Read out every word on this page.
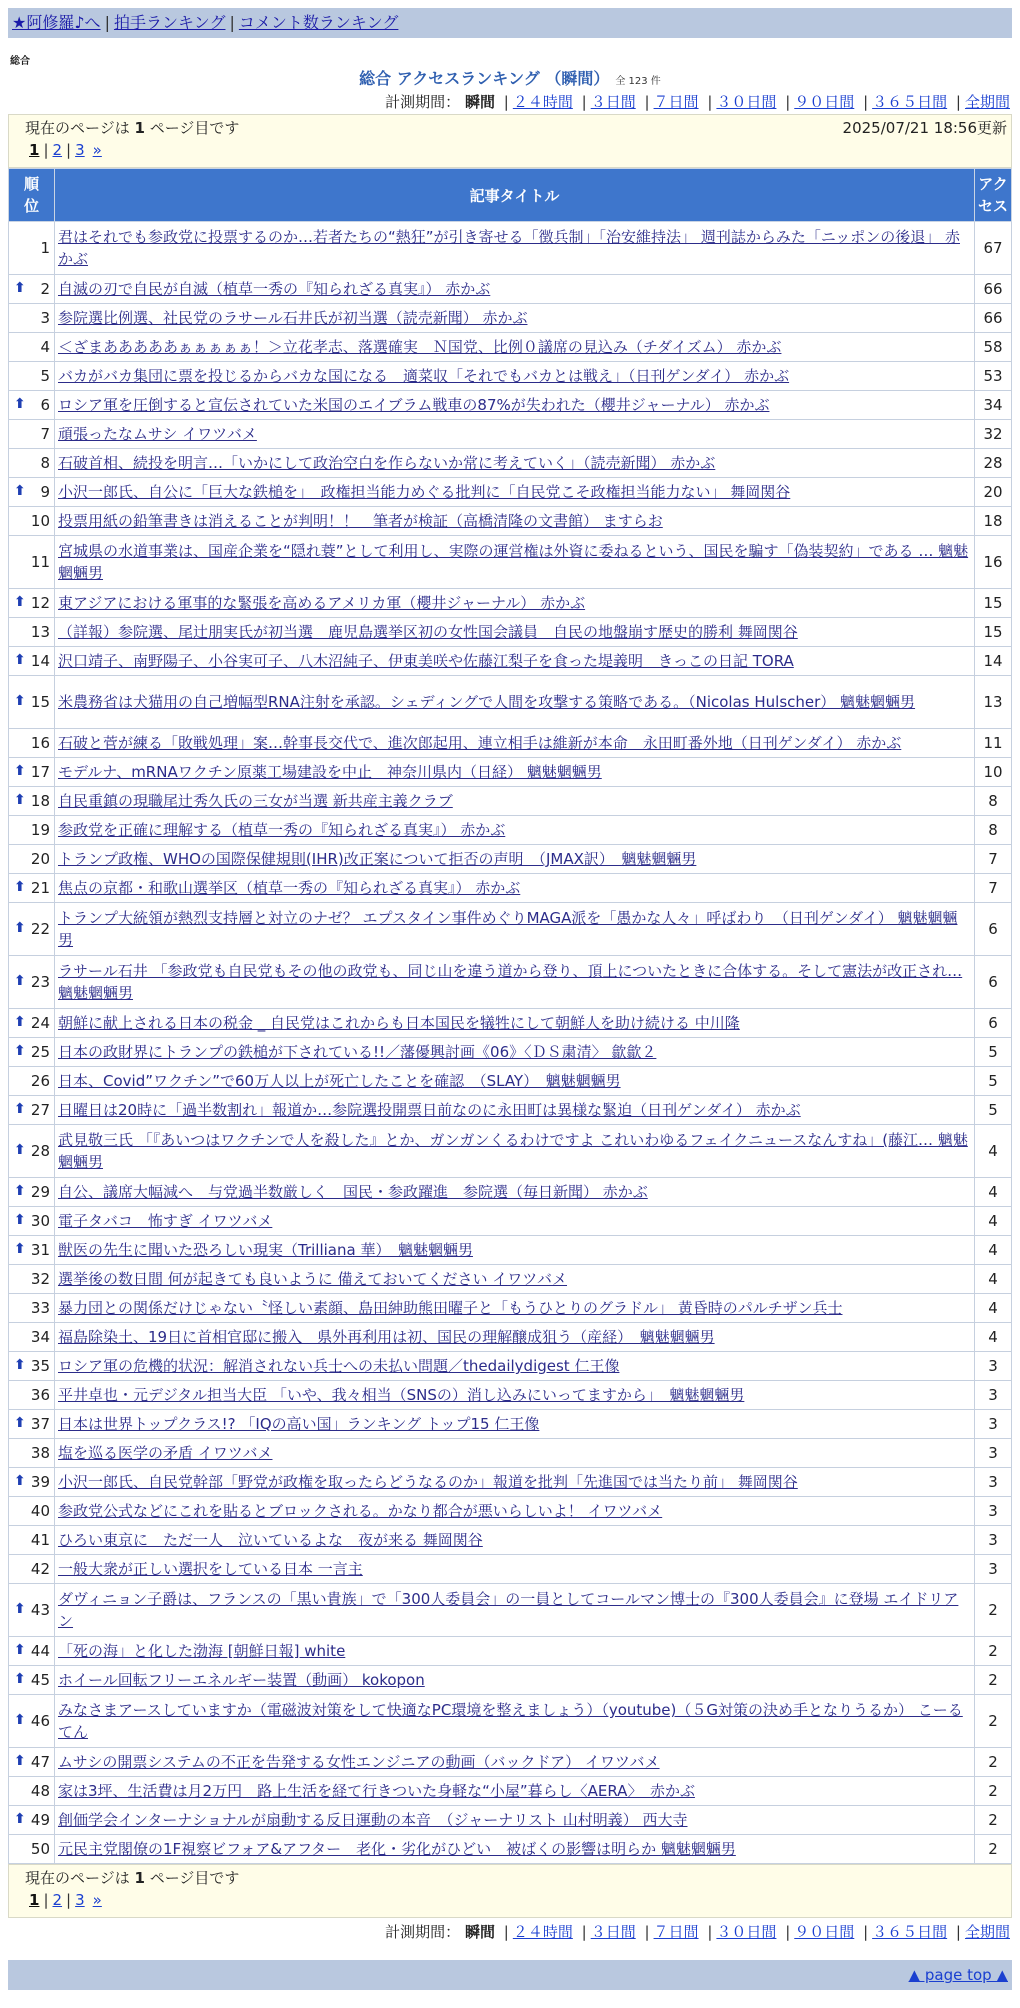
★阿修羅♪へ | 拍手ランキング | コメント数ランキング
総合
総合 アクセスランキング （瞬間） 全 123 件
計測期間： 瞬間 | ２４時間 | ３日間 | ７日間 | ３０日間 | ９０日間 | ３６５日間 | 全期間
現在のページは 1 ページ目です	2025/07/21 18:56更新
1 | 2 | 3 »
順位	記事タイトル	アクセス
1	君はそれでも参政党に投票するのか…若者たちの“熱狂”が引き寄せる「徴兵制」「治安維持法」 週刊誌からみた「ニッポンの後退」 赤かぶ	67

⬆ 2	自滅の刃で自民が自滅（植草一秀の『知られざる真実』） 赤かぶ	66
3	参院選比例選、社民党のラサール石井氏が初当選（読売新聞） 赤かぶ	66
4	＜ざまあああああぁぁぁぁぁ！＞立花孝志、落選確実　Ｎ国党、比例０議席の見込み（チダイズム） 赤かぶ	58
5	バカがバカ集団に票を投じるからバカな国になる　適菜収「それでもバカとは戦え」（日刊ゲンダイ） 赤かぶ	53

⬆ 6	ロシア軍を圧倒すると宣伝されていた米国のエイブラム戦車の87%が失われた（櫻井ジャーナル） 赤かぶ	34
7	頑張ったなムサシ イワツバメ	32
8	石破首相、続投を明言…「いかにして政治空白を作らないか常に考えていく」（読売新聞） 赤かぶ	28

⬆ 9	小沢一郎氏、自公に「巨大な鉄槌を」　政権担当能力めぐる批判に「自民党こそ政権担当能力ない」 舞岡関谷	20
10	投票用紙の鉛筆書きは消えることが判明！！　筆者が検証（高橋清隆の文書館） ますらお	18
11	宮城県の水道事業は、国産企業を“隠れ蓑”として利用し、実際の運営権は外資に委ねるという、国民を騙す「偽装契約」である … 魑魅魍魎男	16

⬆ 12	東アジアにおける軍事的な緊張を高めるアメリカ軍（櫻井ジャーナル） 赤かぶ	15
13	（詳報）参院選、尾辻朋実氏が初当選　鹿児島選挙区初の女性国会議員　自民の地盤崩す歴史的勝利 舞岡関谷	15

⬆ 14	沢口靖子、南野陽子、小谷実可子、八木沼純子、伊東美咲や佐藤江梨子を食った堤義明　きっこの日記 TORA	14

⬆ 15	米農務省は犬猫用の自己増幅型RNA注射を承認。シェディングで人間を攻撃する策略である。（Nicolas Hulscher） 魑魅魍魎男	13
16	石破と菅が練る「敗戦処理」案…幹事長交代で、進次郎起用、連立相手は維新が本命　永田町番外地（日刊ゲンダイ） 赤かぶ	11

⬆ 17	モデルナ、mRNAワクチン原薬工場建設を中止　神奈川県内（日経） 魑魅魍魎男	10

⬆ 18	自民重鎮の現職尾辻秀久氏の三女が当選 新共産主義クラブ	8
19	参政党を正確に理解する（植草一秀の『知られざる真実』） 赤かぶ	8
20	トランプ政権、WHOの国際保健規則(IHR)改正案について拒否の声明　（JMAX訳）　魑魅魍魎男	7

⬆ 21	焦点の京都・和歌山選挙区（植草一秀の『知られざる真実』） 赤かぶ	7

⬆ 22	トランプ大統領が熱烈支持層と対立のナゼ？ エプスタイン事件めぐりMAGA派を「愚かな人々」呼ばわり　（日刊ゲンダイ） 魑魅魍魎男	6

⬆ 23	ラサール石井 「参政党も自民党もその他の政党も、同じ山を違う道から登り、頂上についたときに合体する。そして憲法が改正され… 魑魅魍魎男	6

⬆ 24	朝鮮に献上される日本の税金 _ 自民党はこれからも日本国民を犠牲にして朝鮮人を助け続ける 中川隆	6

⬆ 25	日本の政財界にトランプの鉄槌が下されている!!／藩優興討画《06》〈ＤＳ粛清〉 歙歙２	5
26	日本、Covid”ワクチン”で60万人以上が死亡したことを確認　（SLAY）　魑魅魍魎男	5

⬆ 27	日曜日は20時に「過半数割れ」報道か…参院選投開票日前なのに永田町は異様な緊迫（日刊ゲンダイ） 赤かぶ	5

⬆ 28	武見敬三氏 「『あいつはワクチンで人を殺した』とか、ガンガンくるわけですよ これいわゆるフェイクニュースなんすね」(藤江… 魑魅魍魎男	4

⬆ 29	自公、議席大幅減へ　与党過半数厳しく　国民・参政躍進　参院選（毎日新聞） 赤かぶ	4

⬆ 30	電子タバコ　怖すぎ イワツバメ	4

⬆ 31	獣医の先生に聞いた恐ろしい現実（Trilliana 華）　魑魅魍魎男	4
32	選挙後の数日間 何が起きても良いように 備えておいてください イワツバメ	4
33	暴力団との関係だけじゃない〝怪しい素顔、島田紳助熊田曜子と「もうひとりのグラドル」 黄昏時のパルチザン兵士	4
34	福島除染土、19日に首相官邸に搬入　県外再利用は初、国民の理解醸成狙う（産経）　魑魅魍魎男	4

⬆ 35	ロシア軍の危機的状況：解消されない兵士への未払い問題／thedailydigest 仁王像	3
36	平井卓也・元デジタル担当大臣 「いや、我々相当（SNSの）消し込みにいってますから」　魑魅魍魎男	3

⬆ 37	日本は世界トップクラス!? 「IQの高い国」ランキング トップ15 仁王像	3
38	塩を巡る医学の矛盾 イワツバメ	3

⬆ 39	小沢一郎氏、自民党幹部「野党が政権を取ったらどうなるのか」報道を批判「先進国では当たり前」 舞岡関谷	3
40	参政党公式などにこれを貼るとブロックされる。かなり都合が悪いらしいよ！ イワツバメ	3
41	ひろい東京に　ただ一人　泣いているよな　夜が来る 舞岡関谷	3
42	一般大衆が正しい選択をしている日本 一言主	3

⬆ 43	ダヴィニョン子爵は、フランスの「黒い貴族」で「300人委員会」の一員としてコールマン博士の『300人委員会』に登場 エイドリアン	2

⬆ 44	「死の海」と化した渤海 [朝鮮日報] white	2

⬆ 45	ホイール回転フリーエネルギー装置（動画） kokopon	2

⬆ 46	みなさまアースしていますか（電磁波対策をして快適なPC環境を整えましょう）（youtube)（５G対策の決め手となりうるか） こーるてん	2

⬆ 47	ムサシの開票システムの不正を告発する女性エンジニアの動画（バックドア） イワツバメ	2
48	家は3坪、生活費は月2万円　路上生活を経て行きついた身軽な“小屋”暮らし〈AERA〉　赤かぶ	2

⬆ 49	創価学会インターナショナルが扇動する反日運動の本音　（ジャーナリスト 山村明義） 西大寺	2
50	元民主党閣僚の1F視察ビフォア&アフター　老化・劣化がひどい　被ばくの影響は明らか 魑魅魍魎男	2
現在のページは 1 ページ目です
1 | 2 | 3 »
計測期間： 瞬間 | ２４時間 | ３日間 | ７日間 | ３０日間 | ９０日間 | ３６５日間 | 全期間
▲ page top ▲
